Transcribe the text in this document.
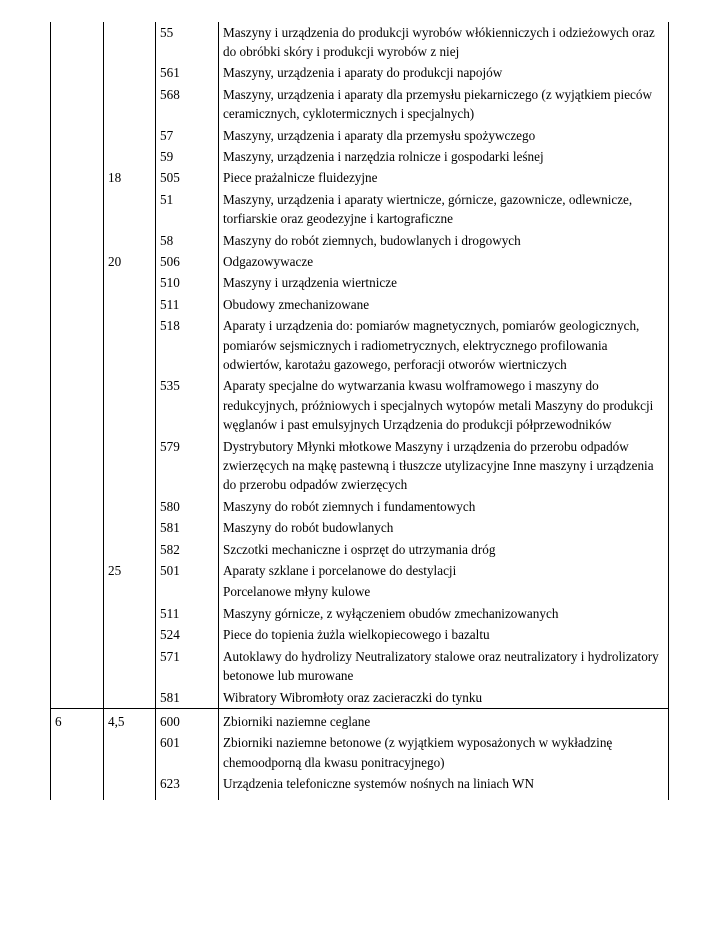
		55	Maszyny i urządzenia do produkcji wyrobów włókienniczych i odzieżowych oraz do obróbki skóry i produkcji wyrobów z niej
		561	Maszyny, urządzenia i aparaty do produkcji napojów
		568	Maszyny, urządzenia i aparaty dla przemysłu piekarniczego (z wyjątkiem pieców ceramicznych, cyklotermicznych i specjalnych)
		57	Maszyny, urządzenia i aparaty dla przemysłu spożywczego
		59	Maszyny, urządzenia i narzędzia rolnicze i gospodarki leśnej
	18	505	Piece prażalnicze fluidezyjne
		51	Maszyny, urządzenia i aparaty wiertnicze, górnicze, gazownicze, odlewnicze, torfiarskie oraz geodezyjne i kartograficzne
		58	Maszyny do robót ziemnych, budowlanych i drogowych
	20	506	Odgazowywacze
		510	Maszyny i urządzenia wiertnicze
		511	Obudowy zmechanizowane
		518	Aparaty i urządzenia do: pomiarów magnetycznych, pomiarów geologicznych, pomiarów sejsmicznych i radiometrycznych, elektrycznego profilowania odwiertów, karotażu gazowego, perforacji otworów wiertniczych
		535	Aparaty specjalne do wytwarzania kwasu wolframowego i maszyny do redukcyjnych, próżniowych i specjalnych wytopów metali Maszyny do produkcji węglanów i past emulsyjnych Urządzenia do produkcji półprzewodników
		579	Dystrybutory Młynki młotkowe Maszyny i urządzenia do przerobu odpadów zwierzęcych na mąkę pastewną i tłuszcze utylizacyjne Inne maszyny i urządzenia do przerobu odpadów zwierzęcych
		580	Maszyny do robót ziemnych i fundamentowych
		581	Maszyny do robót budowlanych
		582	Szczotki mechaniczne i osprzęt do utrzymania dróg
	25	501	Aparaty szklane i porcelanowe do destylacji
			Porcelanowe młyny kulowe
		511	Maszyny górnicze, z wyłączeniem obudów zmechanizowanych
		524	Piece do topienia żużla wielkopiecowego i bazaltu
		571	Autoklawy do hydrolizy Neutralizatory stalowe oraz neutralizatory i hydrolizatory betonowe lub murowane
		581	Wibratory Wibromłoty oraz zacieraczki do tynku
6	4,5	600	Zbiorniki naziemne ceglane
		601	Zbiorniki naziemne betonowe (z wyjątkiem wyposażonych w wykładzinę chemoodporną dla kwasu ponitracyjnego)
		623	Urządzenia telefoniczne systemów nośnych na liniach WN
